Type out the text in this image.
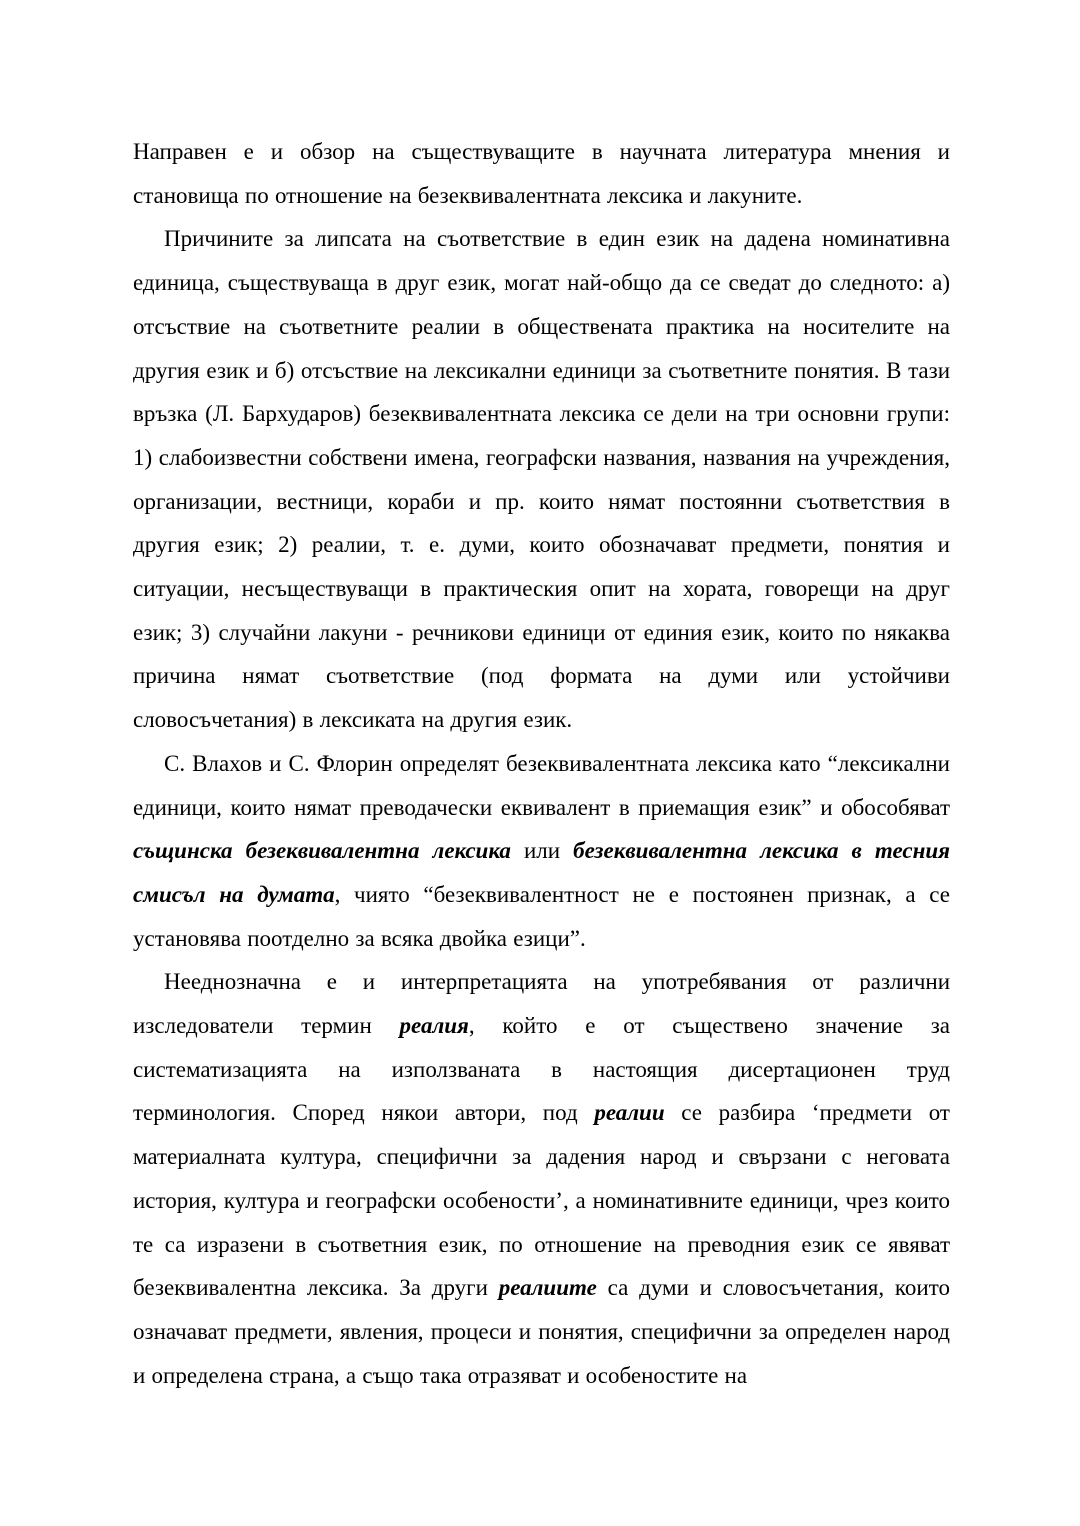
Направен е и обзор на съществуващите в научната литература мнения и становища по отношение на безеквивалентната лексика и лакуните.

Причините за липсата на съответствие в един език на дадена номинативна единица, съществуваща в друг език, могат най-общо да се сведат до следното: а) отсъствие на съответните реалии в обществената практика на носителите на другия език и б) отсъствие на лексикални единици за съответните понятия. В тази връзка (Л. Бархударов) безеквивалентната лексика се дели на три основни групи: 1) слабоизвестни собствени имена, географски названия, названия на учреждения, организации, вестници, кораби и пр. които нямат постоянни съответствия в другия език; 2) реалии, т. е. думи, които обозначават предмети, понятия и ситуации, несъществуващи в практическия опит на хората, говорещи на друг език; 3) случайни лакуни - речникови единици от единия език, които по някаква причина нямат съответствие (под формата на думи или устойчиви словосъчетания) в лексиката на другия език.

С. Влахов и С. Флорин определят безеквивалентната лексика като “лексикални единици, които нямат преводачески еквивалент в приемащия език” и обособяват същинска безеквивалентна лексика или безеквивалентна лексика в тесния смисъл на думата, чиято “безеквивалентност не е постоянен признак, а се установява поотделно за всяка двойка езици”.

Нееднозначна е и интерпретацията на употребявания от различни изследователи термин реалия, който е от съществено значение за систематизацията на използваната в настоящия дисертационен труд терминология. Според някои автори, под реалии се разбира ‘предмети от материалната култура, специфични за дадения народ и свързани с неговата история, култура и географски особености’, а номинативните единици, чрез които те са изразени в съответния език, по отношение на преводния език се явяват безеквивалентна лексика. За други реалиите са думи и словосъчетания, които означават предмети, явления, процеси и понятия, специфични за определен народ и определена страна, а също така отразяват и особеностите на
